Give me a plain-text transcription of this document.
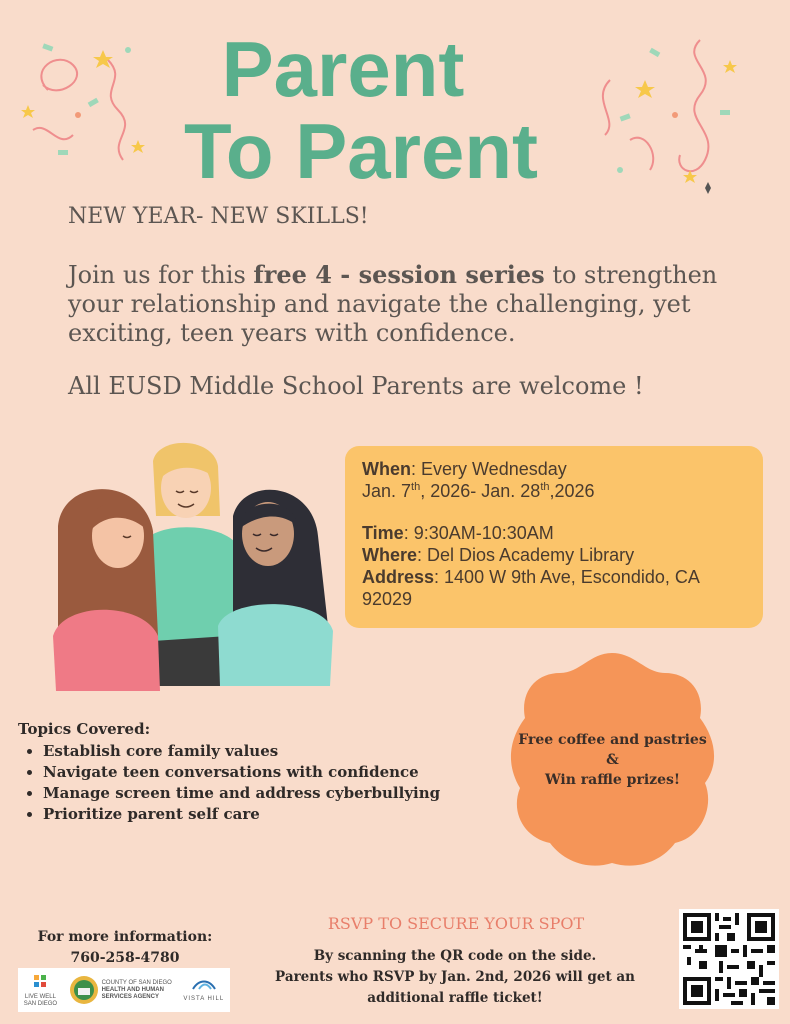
Parent
To Parent
NEW YEAR- NEW SKILLS!

Join us for this free 4 - session series to strengthen your relationship and navigate the challenging, yet exciting, teen years with confidence.

All EUSD Middle School Parents are welcome !

When: Every Wednesday

Jan. 7th, 2026- Jan. 28th,2026

Time: 9:30AM-10:30AM

Where: Del Dios Academy Library

Address: 1400 W 9th Ave, Escondido, CA 92029

Free coffee and pastries
&
Win raffle prizes!

Topics Covered:

• Establish core family values
• Navigate teen conversations with confidence
• Manage screen time and address cyberbullying
• Prioritize parent self care

For more information:

760-258-4780

LIVE WELL
SAN DIEGO
COUNTY OF SAN DIEGO
HEALTH AND HUMAN
SERVICES AGENCY	VISTA HILL

RSVP TO SECURE YOUR SPOT

By scanning the QR code on the side.
Parents who RSVP by Jan. 2nd, 2026 will get an
additional raffle ticket!
